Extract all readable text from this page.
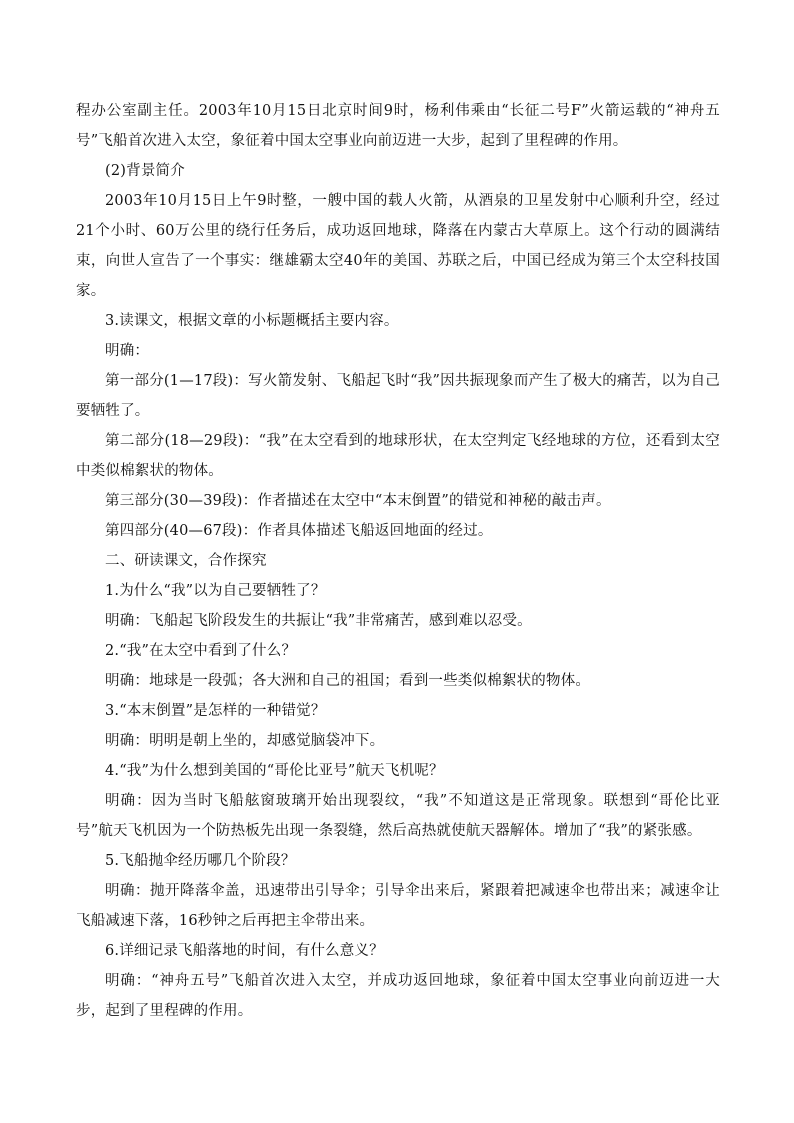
程办公室副主任。2003年10月15日北京时间9时，杨利伟乘由“长征二号F”火箭运载的“神舟五号”飞船首次进入太空，象征着中国太空事业向前迈进一大步，起到了里程碑的作用。

(2)背景简介

2003年10月15日上午9时整，一艘中国的载人火箭，从酒泉的卫星发射中心顺利升空，经过21个小时、60万公里的绕行任务后，成功返回地球，降落在内蒙古大草原上。这个行动的圆满结束，向世人宣告了一个事实：继雄霸太空40年的美国、苏联之后，中国已经成为第三个太空科技国家。

3.读课文，根据文章的小标题概括主要内容。

明确：

第一部分(1—17段)：写火箭发射、飞船起飞时“我”因共振现象而产生了极大的痛苦，以为自己要牺牲了。

第二部分(18—29段)：“我”在太空看到的地球形状，在太空判定飞经地球的方位，还看到太空中类似棉絮状的物体。

第三部分(30—39段)：作者描述在太空中“本末倒置”的错觉和神秘的敲击声。

第四部分(40—67段)：作者具体描述飞船返回地面的经过。

二、研读课文，合作探究

1.为什么“我”以为自己要牺牲了？

明确：飞船起飞阶段发生的共振让“我”非常痛苦，感到难以忍受。

2.“我”在太空中看到了什么？

明确：地球是一段弧；各大洲和自己的祖国；看到一些类似棉絮状的物体。

3.“本末倒置”是怎样的一种错觉？

明确：明明是朝上坐的，却感觉脑袋冲下。

4.“我”为什么想到美国的“哥伦比亚号”航天飞机呢？

明确：因为当时飞船舷窗玻璃开始出现裂纹，“我”不知道这是正常现象。联想到“哥伦比亚号”航天飞机因为一个防热板先出现一条裂缝，然后高热就使航天器解体。增加了“我”的紧张感。

5.飞船抛伞经历哪几个阶段？

明确：抛开降落伞盖，迅速带出引导伞；引导伞出来后，紧跟着把减速伞也带出来；减速伞让飞船减速下落，16秒钟之后再把主伞带出来。

6.详细记录飞船落地的时间，有什么意义？

明确：“神舟五号”飞船首次进入太空，并成功返回地球，象征着中国太空事业向前迈进一大步，起到了里程碑的作用。
